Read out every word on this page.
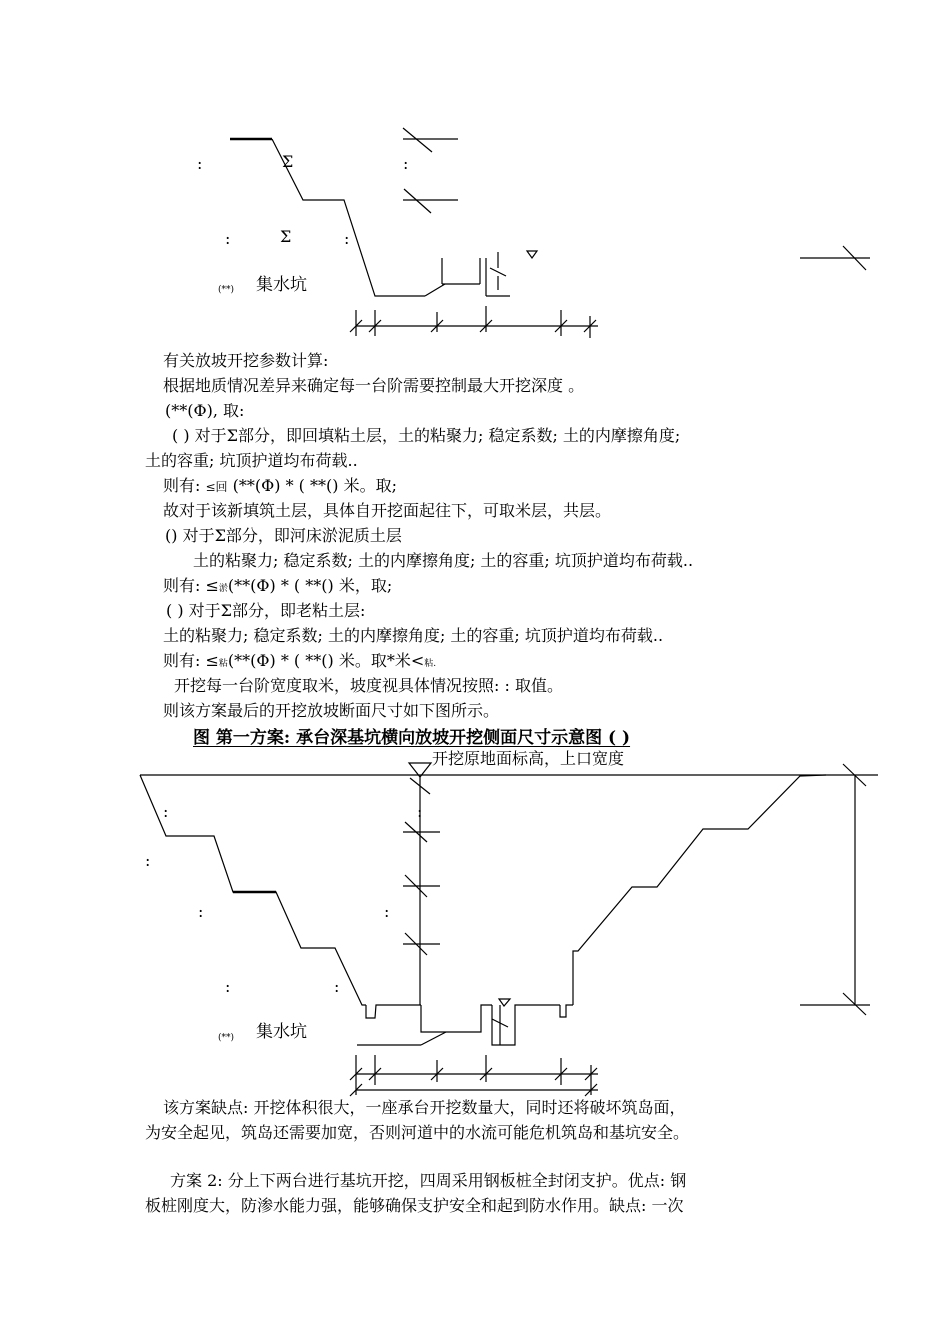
:	Σ	:
:	Σ	:
(**) 集水坑
有关放坡开挖参数计算:
根据地质情况差异来确定每一台阶需要控制最大开挖深度 。
(**(Φ), 取:
( ) 对于Σ部分，即回填粘土层，土的粘聚力; 稳定系数; 土的内摩擦角度;
土的容重; 坑顶护道均布荷载..
则有: ≤回 (**(Φ) * ( **() 米。取;
故对于该新填筑土层，具体自开挖面起往下，可取米层，共层。
() 对于Σ部分，即河床淤泥质土层
土的粘聚力; 稳定系数; 土的内摩擦角度; 土的容重; 坑顶护道均布荷载..
则有: ≤淤(**(Φ) * ( **() 米，取;
( ) 对于Σ部分，即老粘土层:
土的粘聚力; 稳定系数; 土的内摩擦角度; 土的容重; 坑顶护道均布荷载..
则有: ≤粘(**(Φ) * ( **() 米。取*米<粘.
开挖每一台阶宽度取米，坡度视具体情况按照: : 取值。
则该方案最后的开挖放坡断面尺寸如下图所示。
图 第一方案: 承台深基坑横向放坡开挖侧面尺寸示意图 ( )
开挖原地面标高，上口宽度
:	:
:
:	:
:	:
(**) 集水坑
该方案缺点: 开挖体积很大，一座承台开挖数量大，同时还将破坏筑岛面，
为安全起见，筑岛还需要加宽，否则河道中的水流可能危机筑岛和基坑安全。
方案 2: 分上下两台进行基坑开挖，四周采用钢板桩全封闭支护。优点: 钢
板桩刚度大，防渗水能力强，能够确保支护安全和起到防水作用。缺点: 一次
